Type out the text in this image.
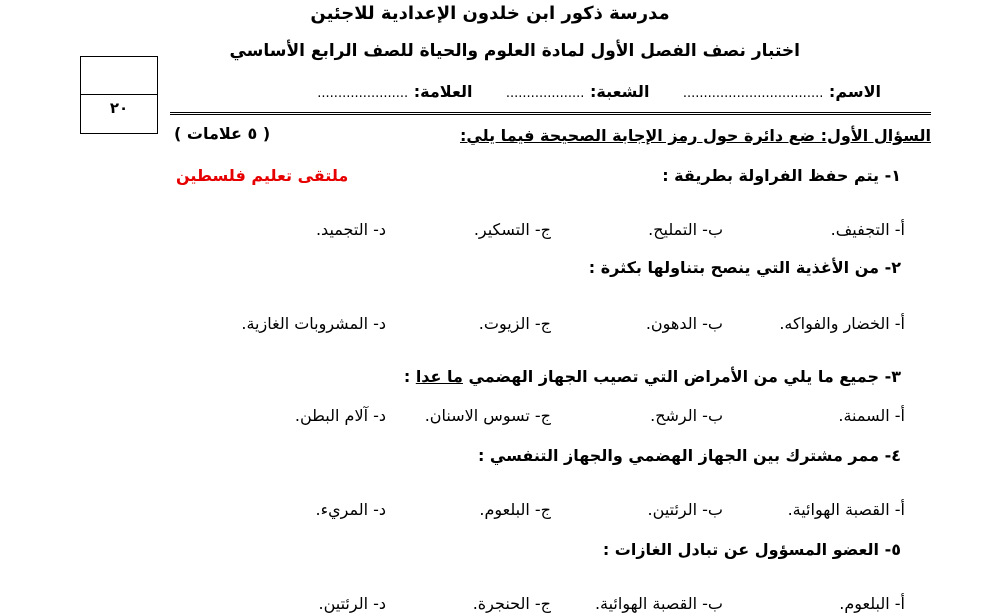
مدرسة ذكور ابن خلدون الإعدادية للاجئين
اختبار نصف الفصل الأول لمادة العلوم والحياة للصف الرابع الأساسي
الاسم: ..................................      الشعبة: ...................      العلامة: ......................
٢٠
السؤال الأول: ضع دائرة حول رمز الإجابة الصحيحة فيما يلي:
( ٥ علامات )
ملتقى تعليم فلسطين	١- يتم حفظ الفراولة بطريقة :
أ- التجفيف.
ب- التمليح.
ج- التسكير.
د- التجميد.
٢- من الأغذية التي ينصح بتناولها بكثرة :
أ- الخضار والفواكه.
ب- الدهون.
ج- الزيوت.
د- المشروبات الغازية.
٣- جميع ما يلي من الأمراض التي تصيب الجهاز الهضمي ما عدا :
أ- السمنة.
ب- الرشح.
ج- تسوس الاسنان.
د- آلام البطن.
٤- ممر مشترك بين الجهاز الهضمي والجهاز التنفسي :
أ- القصبة الهوائية.
ب- الرئتين.
ج- البلعوم.
د- المريء.
٥- العضو المسؤول عن تبادل الغازات :
أ- البلعوم.
ب- القصبة الهوائية.
ج- الحنجرة.
د- الرئتين.
